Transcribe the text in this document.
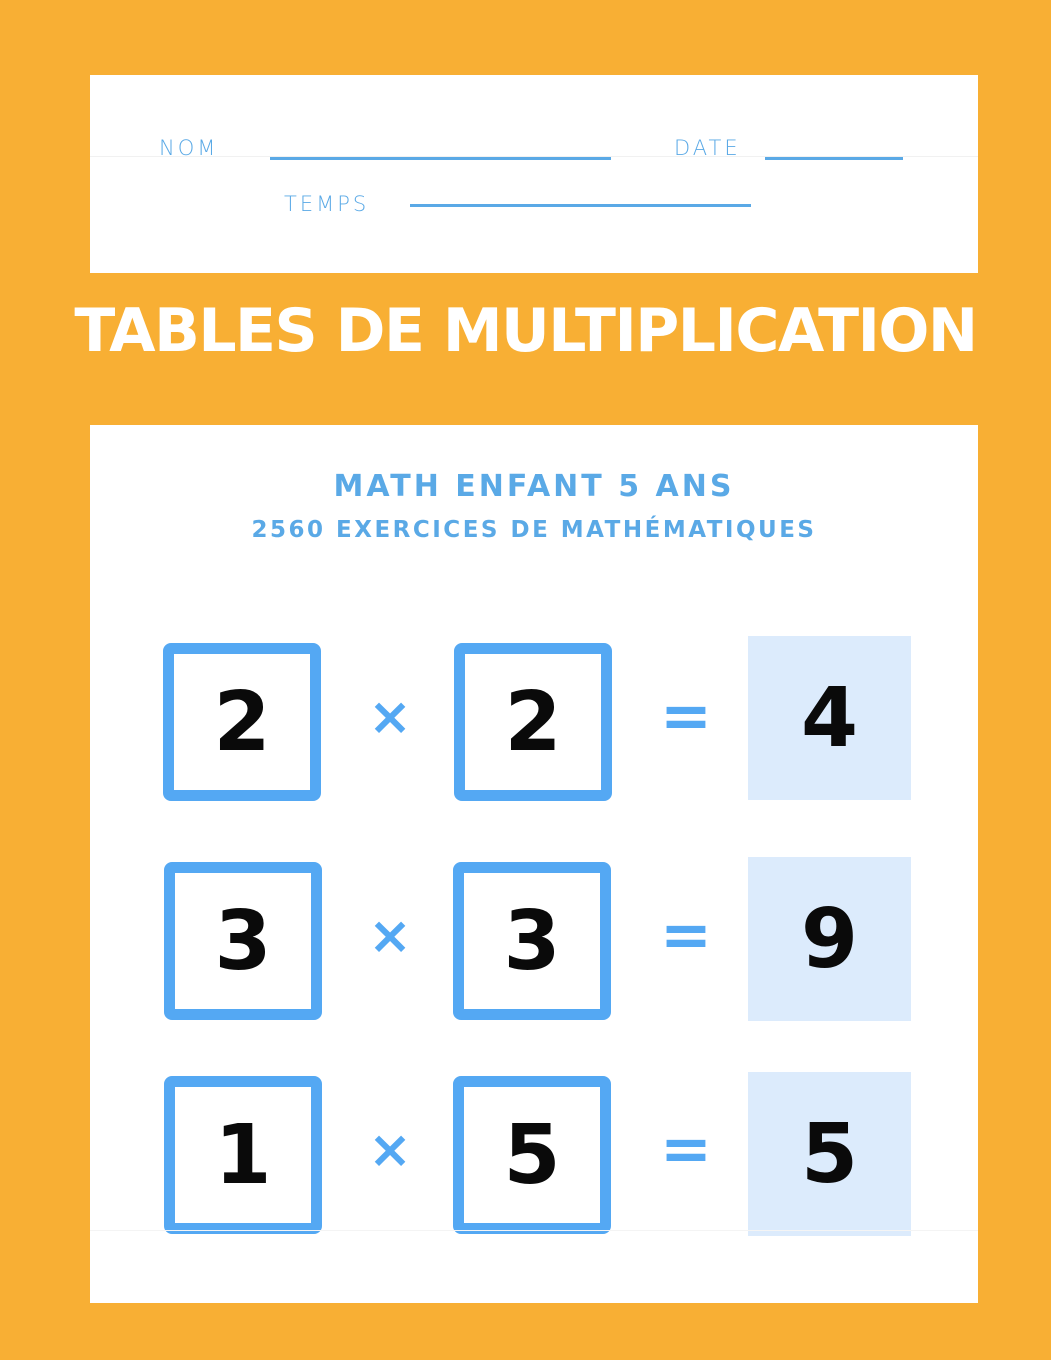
NOM	DATE
TEMPS
TABLES DE MULTIPLICATION
MATH ENFANT 5 ANS
2560 EXERCICES DE MATHÉMATIQUES
2	×	2	=	4
3	×	3	=	9
1	×	5	=	5
